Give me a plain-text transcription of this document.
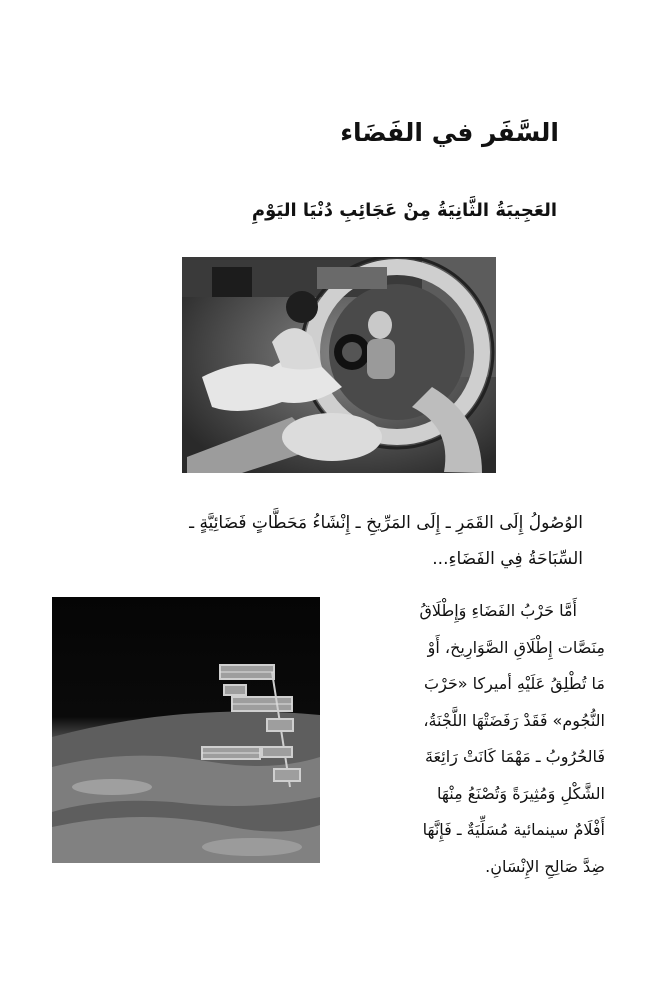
السَّفَر في الفَضَاء
العَجِيبَةُ الثَّانِيَةُ مِنْ عَجَائِبِ دُنْيَا اليَوْمِ

الوُصُولُ إِلَى القَمَرِ ـ إِلَى المَرِّيخِ ـ إِنْشَاءُ مَحَطَّاتٍ فَضَائِيَّةٍ ـ
السِّبَاحَةُ فِي الفَضَاءِ...

أَمَّا حَرْبُ الفَضَاءِ وَإِطْلَاقُ
مِنَصَّات إِطْلَاقِ الصَّوَارِيخ، أَوْ
مَا تُطْلِقُ عَلَيْهِ أميركا «حَرْبَ
النُّجُوم» فَقَدْ رَفَضَتْهَا اللَّجْنَةُ،
فَالحُرُوبُ ـ مَهْمَا كَانَتْ رَائِعَةَ
الشَّكْلِ وَمُثِيرَةً وَتُصْنَعُ مِنْهَا
أَفْلَامٌ سينمائية مُسَلِّيَةٌ ـ فَإِنَّهَا
ضِدَّ صَالِحِ الإِنْسَانِ.
